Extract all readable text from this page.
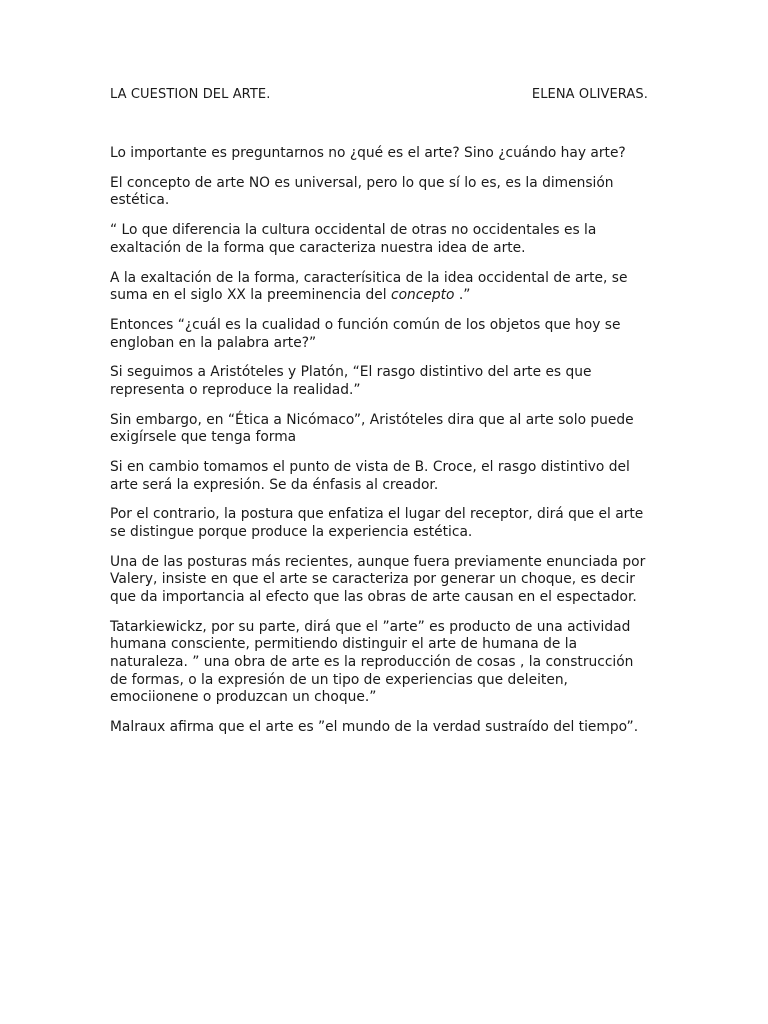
LA CUESTION DEL ARTE.	ELENA OLIVERAS.

Lo importante es preguntarnos no ¿qué es el arte? Sino ¿cuándo hay arte?

El concepto de arte NO es universal, pero lo que sí lo es, es la dimensión estética.

“ Lo que diferencia la cultura occidental de otras no occidentales es la exaltación de la forma que caracteriza nuestra idea de arte.

A la exaltación de la forma, caracterísitica de la idea occidental de arte, se suma en el siglo XX la preeminencia del concepto .”

Entonces “¿cuál es la cualidad o función común de los objetos que hoy se engloban en la palabra arte?”

Si seguimos a Aristóteles y Platón, “El rasgo distintivo del arte es que representa o reproduce la realidad.”

Sin embargo, en “Ética a Nicómaco”, Aristóteles dira que al arte solo puede exigírsele que tenga forma

Si en cambio tomamos el punto de vista de B. Croce, el rasgo distintivo del arte será la expresión. Se da énfasis al creador.

Por el contrario, la postura que enfatiza el lugar del receptor, dirá que el arte se distingue porque produce la experiencia estética.

Una de las posturas más recientes, aunque fuera previamente enunciada por Valery, insiste en que el arte se caracteriza por generar un choque, es decir que da importancia al efecto que las obras de arte causan en el espectador.

Tatarkiewickz, por su parte, dirá que el ”arte” es producto de una actividad humana consciente, permitiendo distinguir el arte de humana de la naturaleza. ” una obra de arte es la reproducción de cosas , la construcción de formas, o la expresión de un tipo de experiencias que deleiten, emociionene o produzcan un choque.”

Malraux afirma que el arte es ”el mundo de la verdad sustraído del tiempo”.
